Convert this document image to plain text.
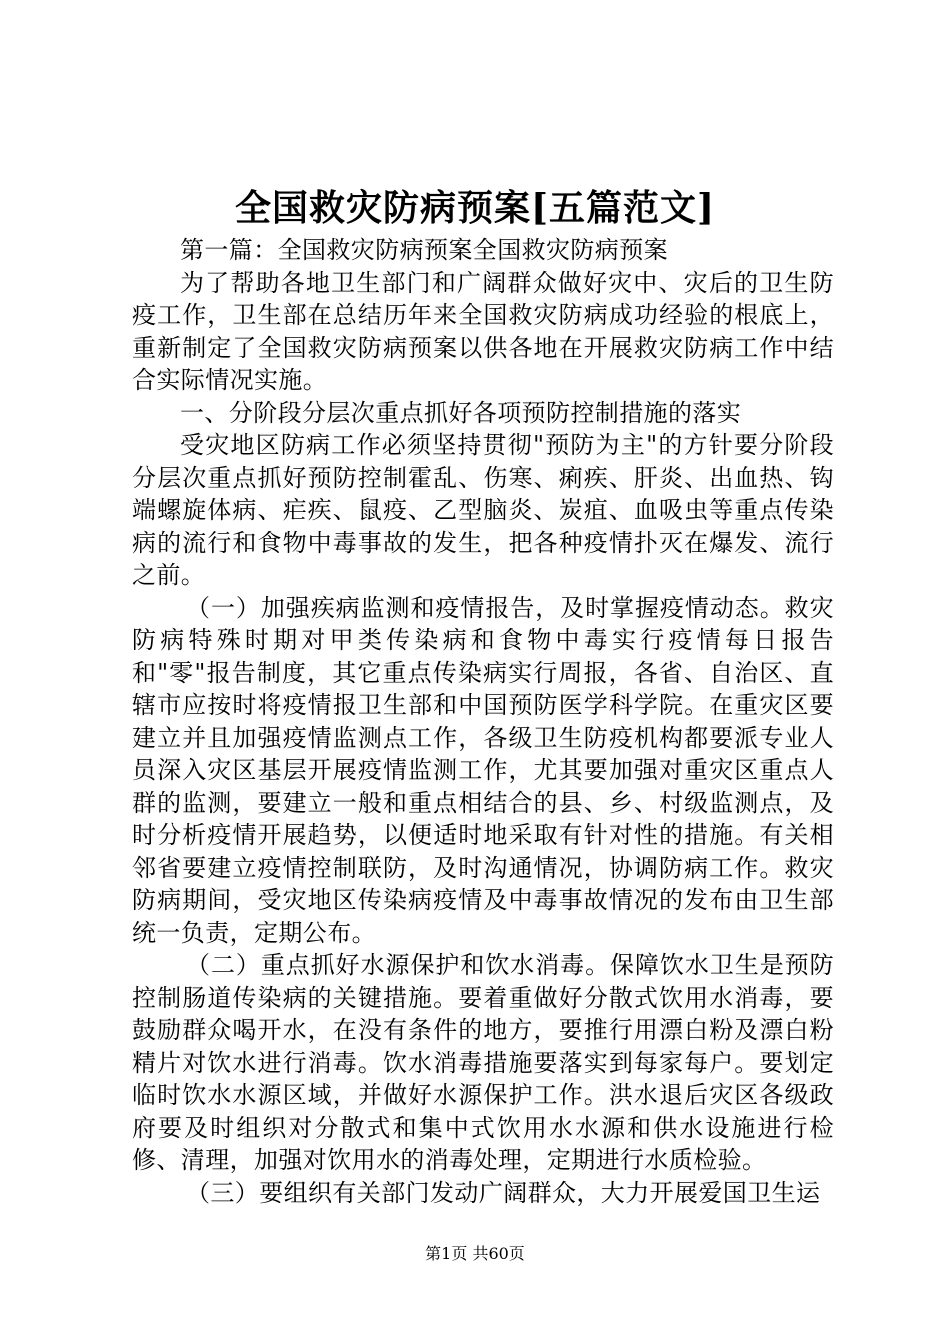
全国救灾防病预案[五篇范文]

第一篇：全国救灾防病预案全国救灾防病预案

为了帮助各地卫生部门和广阔群众做好灾中、灾后的卫生防疫工作，卫生部在总结历年来全国救灾防病成功经验的根底上，重新制定了全国救灾防病预案以供各地在开展救灾防病工作中结合实际情况实施。

一、分阶段分层次重点抓好各项预防控制措施的落实

受灾地区防病工作必须坚持贯彻"预防为主"的方针要分阶段分层次重点抓好预防控制霍乱、伤寒、痢疾、肝炎、出血热、钩端螺旋体病、疟疾、鼠疫、乙型脑炎、炭疽、血吸虫等重点传染病的流行和食物中毒事故的发生，把各种疫情扑灭在爆发、流行之前。

（一）加强疾病监测和疫情报告，及时掌握疫情动态。救灾防病特殊时期对甲类传染病和食物中毒实行疫情每日报告和"零"报告制度，其它重点传染病实行周报，各省、自治区、直辖市应按时将疫情报卫生部和中国预防医学科学院。在重灾区要建立并且加强疫情监测点工作，各级卫生防疫机构都要派专业人员深入灾区基层开展疫情监测工作，尤其要加强对重灾区重点人群的监测，要建立一般和重点相结合的县、乡、村级监测点，及时分析疫情开展趋势，以便适时地采取有针对性的措施。有关相邻省要建立疫情控制联防，及时沟通情况，协调防病工作。救灾防病期间，受灾地区传染病疫情及中毒事故情况的发布由卫生部统一负责，定期公布。

（二）重点抓好水源保护和饮水消毒。保障饮水卫生是预防控制肠道传染病的关键措施。要着重做好分散式饮用水消毒，要鼓励群众喝开水，在没有条件的地方，要推行用漂白粉及漂白粉精片对饮水进行消毒。饮水消毒措施要落实到每家每户。要划定临时饮水水源区域，并做好水源保护工作。洪水退后灾区各级政府要及时组织对分散式和集中式饮用水水源和供水设施进行检修、清理，加强对饮用水的消毒处理，定期进行水质检验。

（三）要组织有关部门发动广阔群众，大力开展爱国卫生运

第1页 共60页
